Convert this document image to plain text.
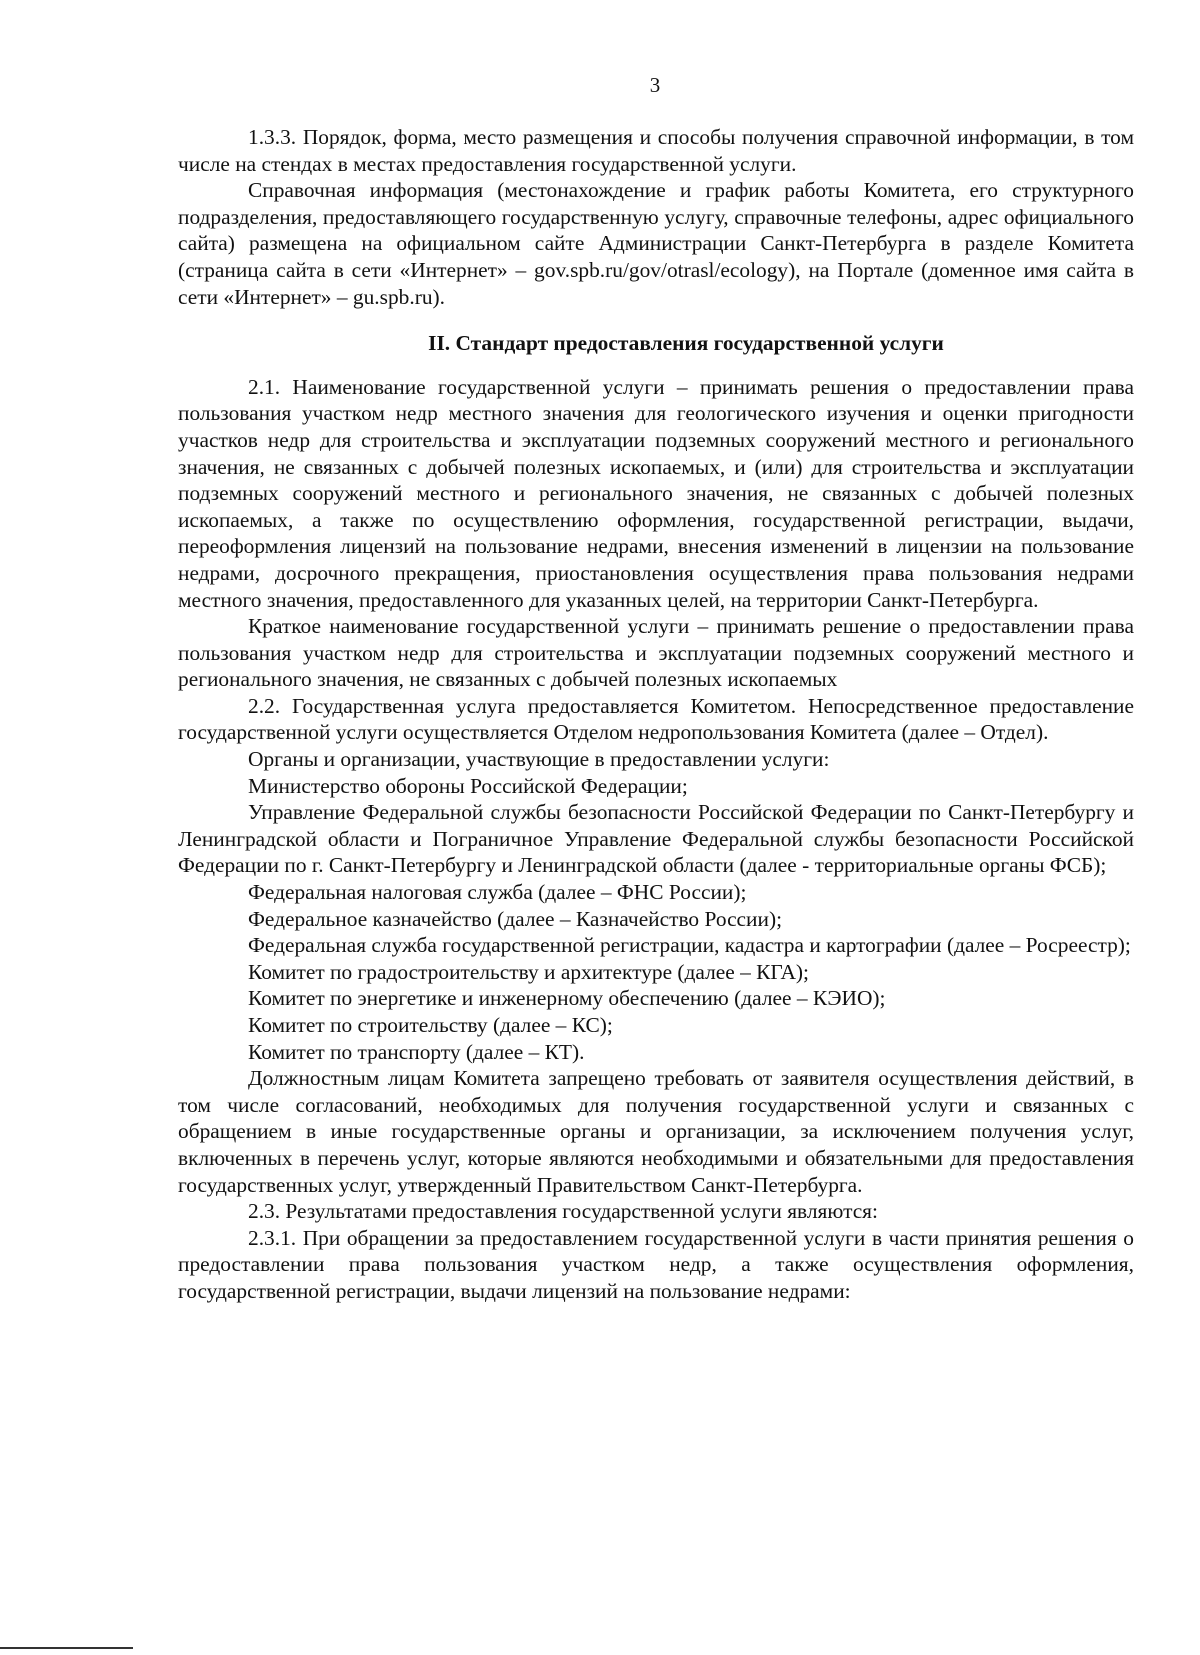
3

1.3.3. Порядок, форма, место размещения и способы получения справочной информации, в том числе на стендах в местах предоставления государственной услуги.

Справочная информация (местонахождение и график работы Комитета, его структурного подразделения, предоставляющего государственную услугу, справочные телефоны, адрес официального сайта) размещена на официальном сайте Администрации Санкт-Петербурга в разделе Комитета (страница сайта в сети «Интернет» – gov.spb.ru/gov/otrasl/ecology), на Портале (доменное имя сайта в сети «Интернет» – gu.spb.ru).

II. Стандарт предоставления государственной услуги

2.1. Наименование государственной услуги – принимать решения о предоставлении права пользования участком недр местного значения для геологического изучения и оценки пригодности участков недр для строительства и эксплуатации подземных сооружений местного и регионального значения, не связанных с добычей полезных ископаемых, и (или) для строительства и эксплуатации подземных сооружений местного и регионального значения, не связанных с добычей полезных ископаемых, а также по осуществлению оформления, государственной регистрации, выдачи, переоформления лицензий на пользование недрами, внесения изменений в лицензии на пользование недрами, досрочного прекращения, приостановления осуществления права пользования недрами местного значения, предоставленного для указанных целей, на территории Санкт-Петербурга.

Краткое наименование государственной услуги – принимать решение о предоставлении права пользования участком недр для строительства и эксплуатации подземных сооружений местного и регионального значения, не связанных с добычей полезных ископаемых

2.2. Государственная услуга предоставляется Комитетом. Непосредственное предоставление государственной услуги осуществляется Отделом недропользования Комитета (далее – Отдел).

Органы и организации, участвующие в предоставлении услуги:

Министерство обороны Российской Федерации;

Управление Федеральной службы безопасности Российской Федерации по Санкт-Петербургу и Ленинградской области и Пограничное Управление Федеральной службы безопасности Российской Федерации по г. Санкт-Петербургу и Ленинградской области (далее - территориальные органы ФСБ);

Федеральная налоговая служба (далее – ФНС России);

Федеральное казначейство (далее – Казначейство России);

Федеральная служба государственной регистрации, кадастра и картографии (далее – Росреестр);

Комитет по градостроительству и архитектуре (далее – КГА);

Комитет по энергетике и инженерному обеспечению (далее – КЭИО);

Комитет по строительству (далее – КС);

Комитет по транспорту (далее – КТ).

Должностным лицам Комитета запрещено требовать от заявителя осуществления действий, в том числе согласований, необходимых для получения государственной услуги и связанных с обращением в иные государственные органы и организации, за исключением получения услуг, включенных в перечень услуг, которые являются необходимыми и обязательными для предоставления государственных услуг, утвержденный Правительством Санкт-Петербурга.

2.3. Результатами предоставления государственной услуги являются:

2.3.1. При обращении за предоставлением государственной услуги в части принятия решения о предоставлении права пользования участком недр, а также осуществления оформления, государственной регистрации, выдачи лицензий на пользование недрами:
